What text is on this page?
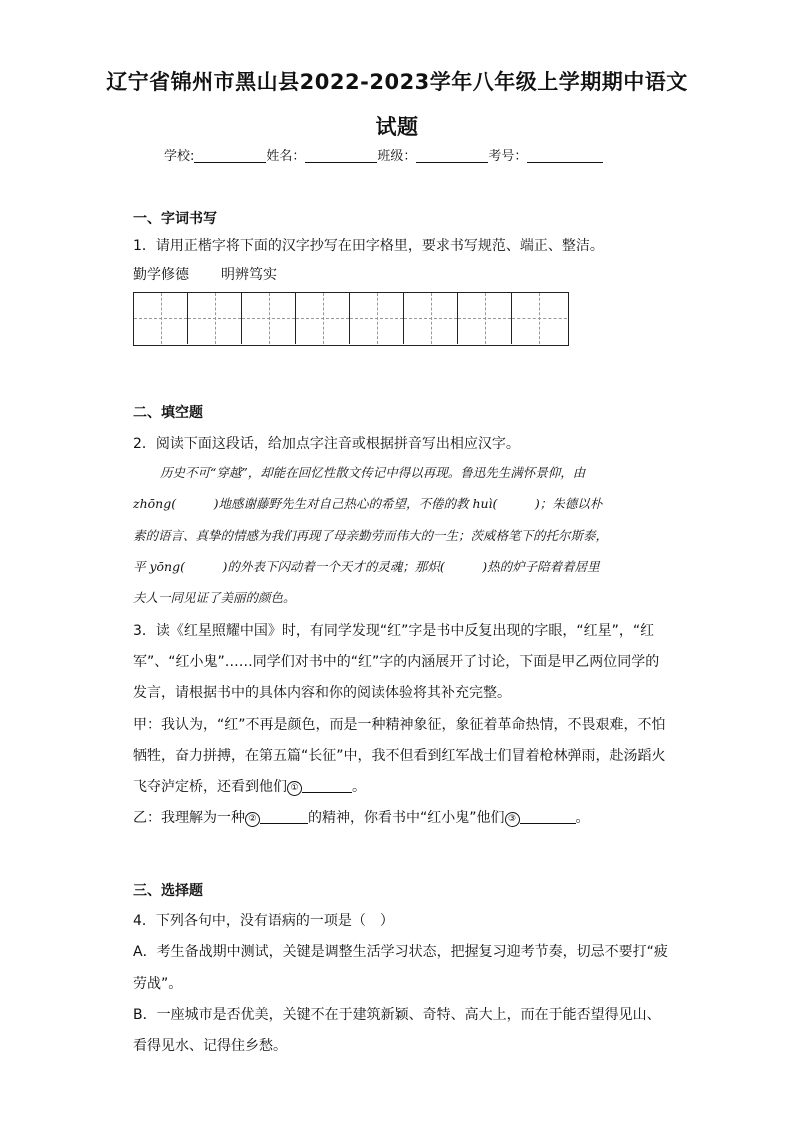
辽宁省锦州市黑山县2022-2023学年八年级上学期期中语文
试题
学校:	姓名：	班级：	考号：
一、字词书写
1．请用正楷字将下面的汉字抄写在田字格里，要求书写规范、端正、整洁。
勤学修德 明辨笃实
二、填空题
2．阅读下面这段话，给加点字注音或根据拼音写出相应汉字。
历史不可“穿越”，却能在回忆性散文传记中得以再现。鲁迅先生满怀景仰，由
zhōng(　　　)地感谢藤野先生对自己热心的希望，不倦的教 huì(　　　)；朱德以朴
素的语言、真挚的情感为我们再现了母亲勤劳而伟大的一生；茨威格笔下的托尔斯泰，
平 yōng(　　　)的外表下闪动着一个天才的灵魂；那炽(　　　)热的炉子陪着着居里
夫人一同见证了美丽的颜色。
3．读《红星照耀中国》时，有同学发现“红”字是书中反复出现的字眼，“红星”，“红
军”、“红小鬼”……同学们对书中的“红”字的内涵展开了讨论，下面是甲乙两位同学的
发言，请根据书中的具体内容和你的阅读体验将其补充完整。
甲：我认为，“红”不再是颜色，而是一种精神象征，象征着革命热情，不畏艰难，不怕
牺牲，奋力拼搏，在第五篇“长征”中，我不但看到红军战士们冒着枪林弹雨，赴汤蹈火
飞夺泸定桥，还看到他们 ①	。
乙：我理解为一种 ②	的精神，你看书中“红小鬼”他们 ③	。
三、选择题
4．下列各句中，没有语病的一项是（　）
A．考生备战期中测试，关键是调整生活学习状态，把握复习迎考节奏，切忌不要打“疲
劳战”。
B．一座城市是否优美，关键不在于建筑新颖、奇特、高大上，而在于能否望得见山、
看得见水、记得住乡愁。
